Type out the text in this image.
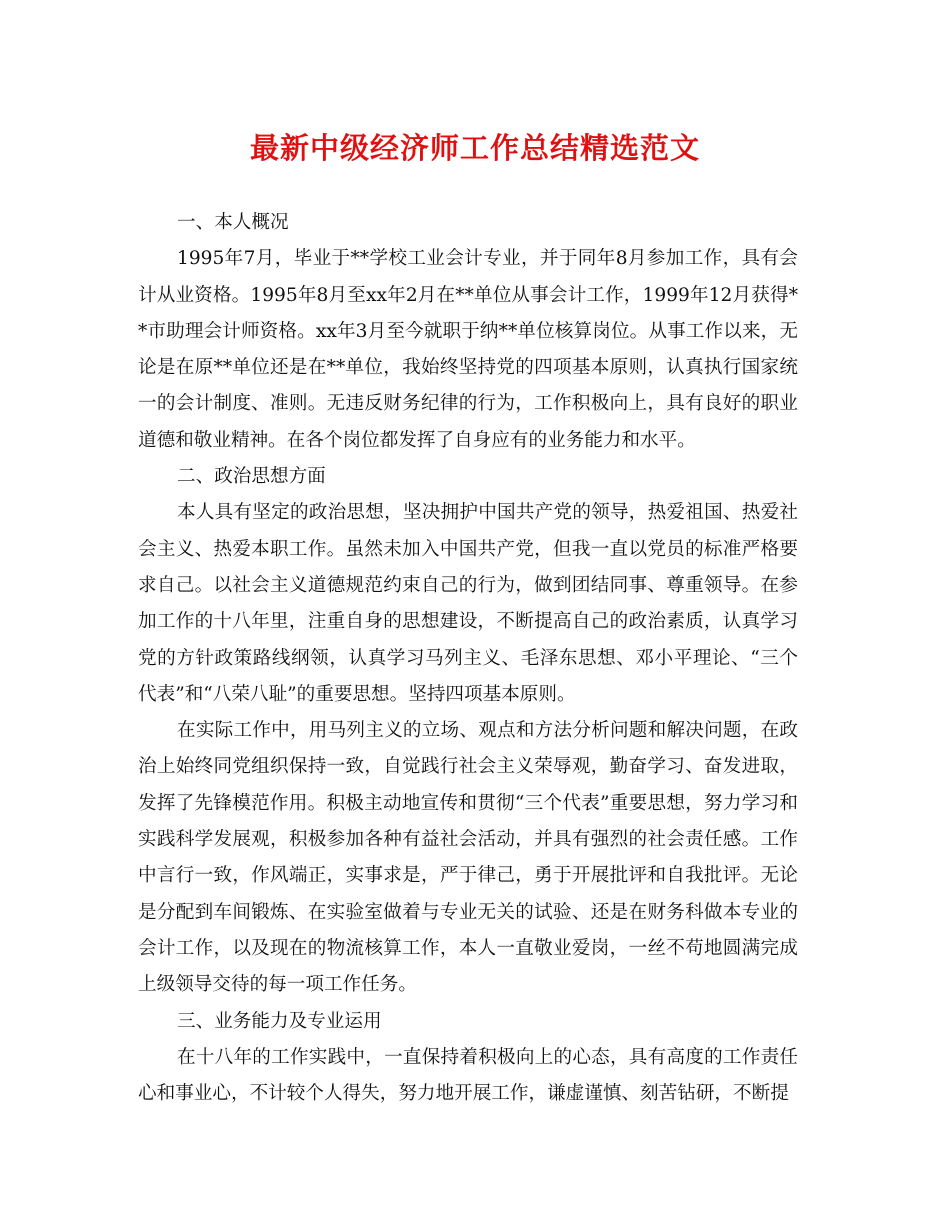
最新中级经济师工作总结精选范文

一、本人概况

1995年7月，毕业于**学校工业会计专业，并于同年8月参加工作，具有会计从业资格。1995年8月至xx年2月在**单位从事会计工作，1999年12月获得**市助理会计师资格。xx年3月至今就职于纳**单位核算岗位。从事工作以来，无论是在原**单位还是在**单位，我始终坚持党的四项基本原则，认真执行国家统一的会计制度、准则。无违反财务纪律的行为，工作积极向上，具有良好的职业道德和敬业精神。在各个岗位都发挥了自身应有的业务能力和水平。

二、政治思想方面

本人具有坚定的政治思想，坚决拥护中国共产党的领导，热爱祖国、热爱社会主义、热爱本职工作。虽然未加入中国共产党，但我一直以党员的标准严格要求自己。以社会主义道德规范约束自己的行为，做到团结同事、尊重领导。在参加工作的十八年里，注重自身的思想建设，不断提高自己的政治素质，认真学习党的方针政策路线纲领，认真学习马列主义、毛泽东思想、邓小平理论、“三个代表”和“八荣八耻”的重要思想。坚持四项基本原则。

在实际工作中，用马列主义的立场、观点和方法分析问题和解决问题，在政治上始终同党组织保持一致，自觉践行社会主义荣辱观，勤奋学习、奋发进取，发挥了先锋模范作用。积极主动地宣传和贯彻“三个代表”重要思想，努力学习和实践科学发展观，积极参加各种有益社会活动，并具有强烈的社会责任感。工作中言行一致，作风端正，实事求是，严于律己，勇于开展批评和自我批评。无论是分配到车间锻炼、在实验室做着与专业无关的试验、还是在财务科做本专业的会计工作，以及现在的物流核算工作，本人一直敬业爱岗，一丝不苟地圆满完成上级领导交待的每一项工作任务。

三、业务能力及专业运用

在十八年的工作实践中，一直保持着积极向上的心态，具有高度的工作责任心和事业心，不计较个人得失，努力地开展工作，谦虚谨慎、刻苦钻研，不断提
